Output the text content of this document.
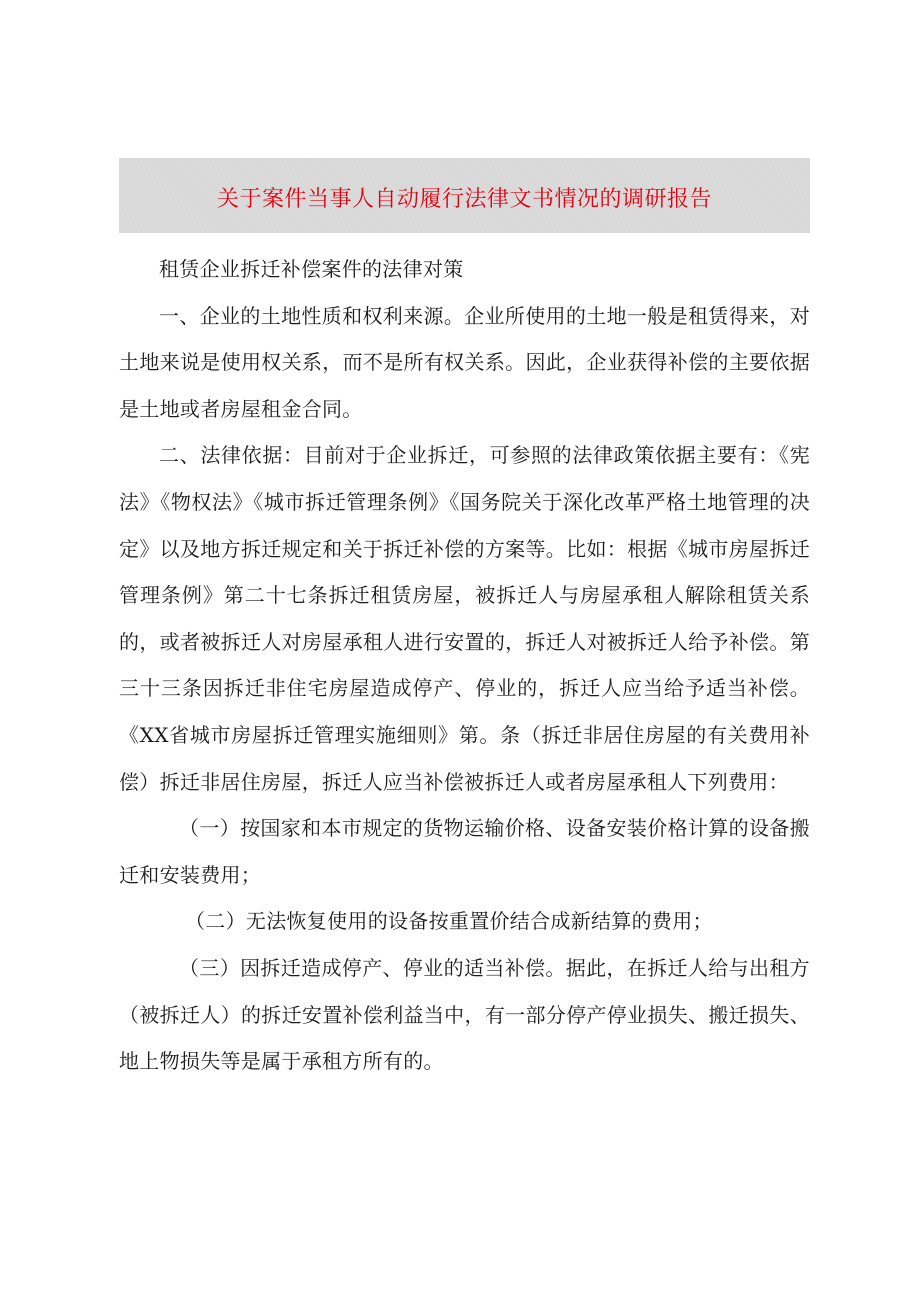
关于案件当事人自动履行法律文书情况的调研报告

租赁企业拆迁补偿案件的法律对策

一、企业的土地性质和权利来源。企业所使用的土地一般是租赁得来，对土地来说是使用权关系，而不是所有权关系。因此，企业获得补偿的主要依据是土地或者房屋租金合同。

二、法律依据：目前对于企业拆迁，可参照的法律政策依据主要有：《宪法》《物权法》《城市拆迁管理条例》《国务院关于深化改革严格土地管理的决定》以及地方拆迁规定和关于拆迁补偿的方案等。比如：根据《城市房屋拆迁管理条例》第二十七条拆迁租赁房屋，被拆迁人与房屋承租人解除租赁关系的，或者被拆迁人对房屋承租人进行安置的，拆迁人对被拆迁人给予补偿。第三十三条因拆迁非住宅房屋造成停产、停业的，拆迁人应当给予适当补偿。《XX省城市房屋拆迁管理实施细则》第。条（拆迁非居住房屋的有关费用补偿）拆迁非居住房屋，拆迁人应当补偿被拆迁人或者房屋承租人下列费用：

（一）按国家和本市规定的货物运输价格、设备安装价格计算的设备搬迁和安装费用；

（二）无法恢复使用的设备按重置价结合成新结算的费用；

（三）因拆迁造成停产、停业的适当补偿。据此，在拆迁人给与出租方（被拆迁人）的拆迁安置补偿利益当中，有一部分停产停业损失、搬迁损失、地上物损失等是属于承租方所有的。
